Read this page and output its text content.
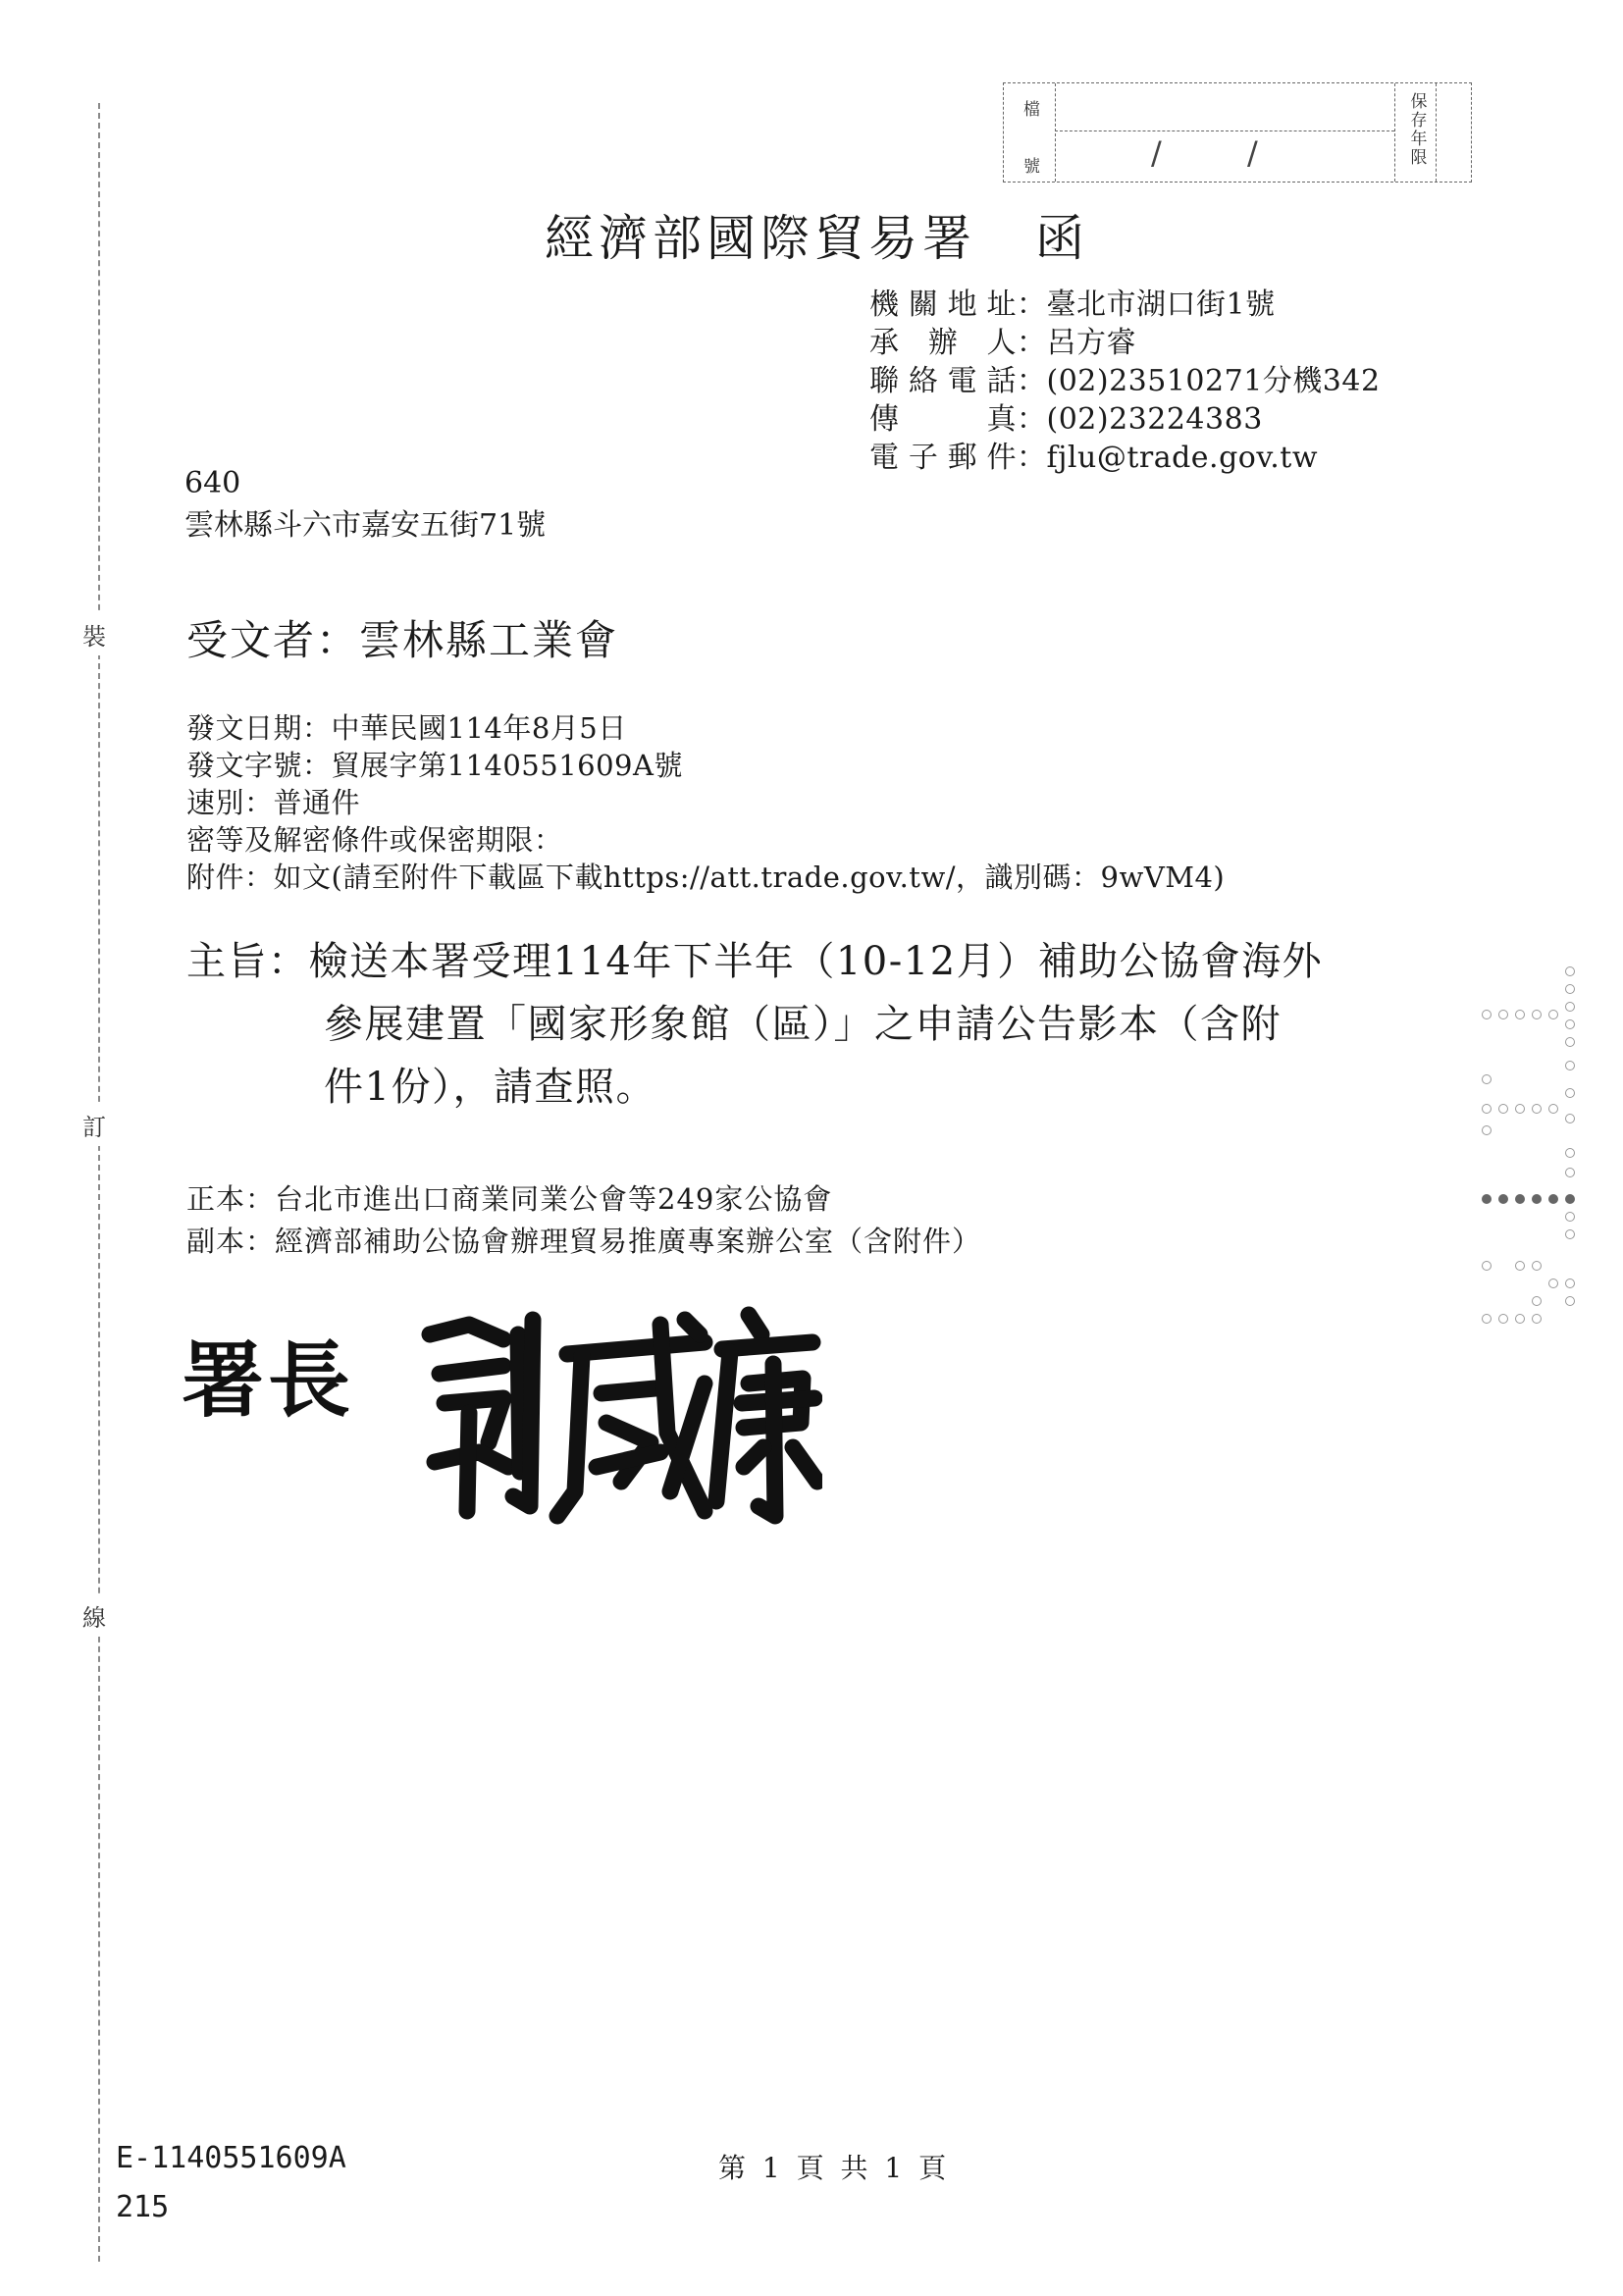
裝
訂
線
檔
號	/	/
保存年限
經濟部國際貿易署 函
機關地址：臺北市湖口街1號
承辦人：呂方睿
聯絡電話：(02)23510271分機342
傳真：(02)23224383
電子郵件：fjlu@trade.gov.tw
640
雲林縣斗六市嘉安五街71號
受文者：雲林縣工業會
發文日期：中華民國114年8月5日
發文字號：貿展字第1140551609A號
速別：普通件
密等及解密條件或保密期限：
附件：如文(請至附件下載區下載https://att.trade.gov.tw/，識別碼：9wVM4)
主旨：檢送本署受理114年下半年（10-12月）補助公協會海外
參展建置「國家形象館（區）」之申請公告影本（含附
件1份），請查照。
正本：台北市進出口商業同業公會等249家公協會
副本：經濟部補助公協會辦理貿易推廣專案辦公室（含附件）
署長
E-1140551609A
215
第 1 頁 共 1 頁
